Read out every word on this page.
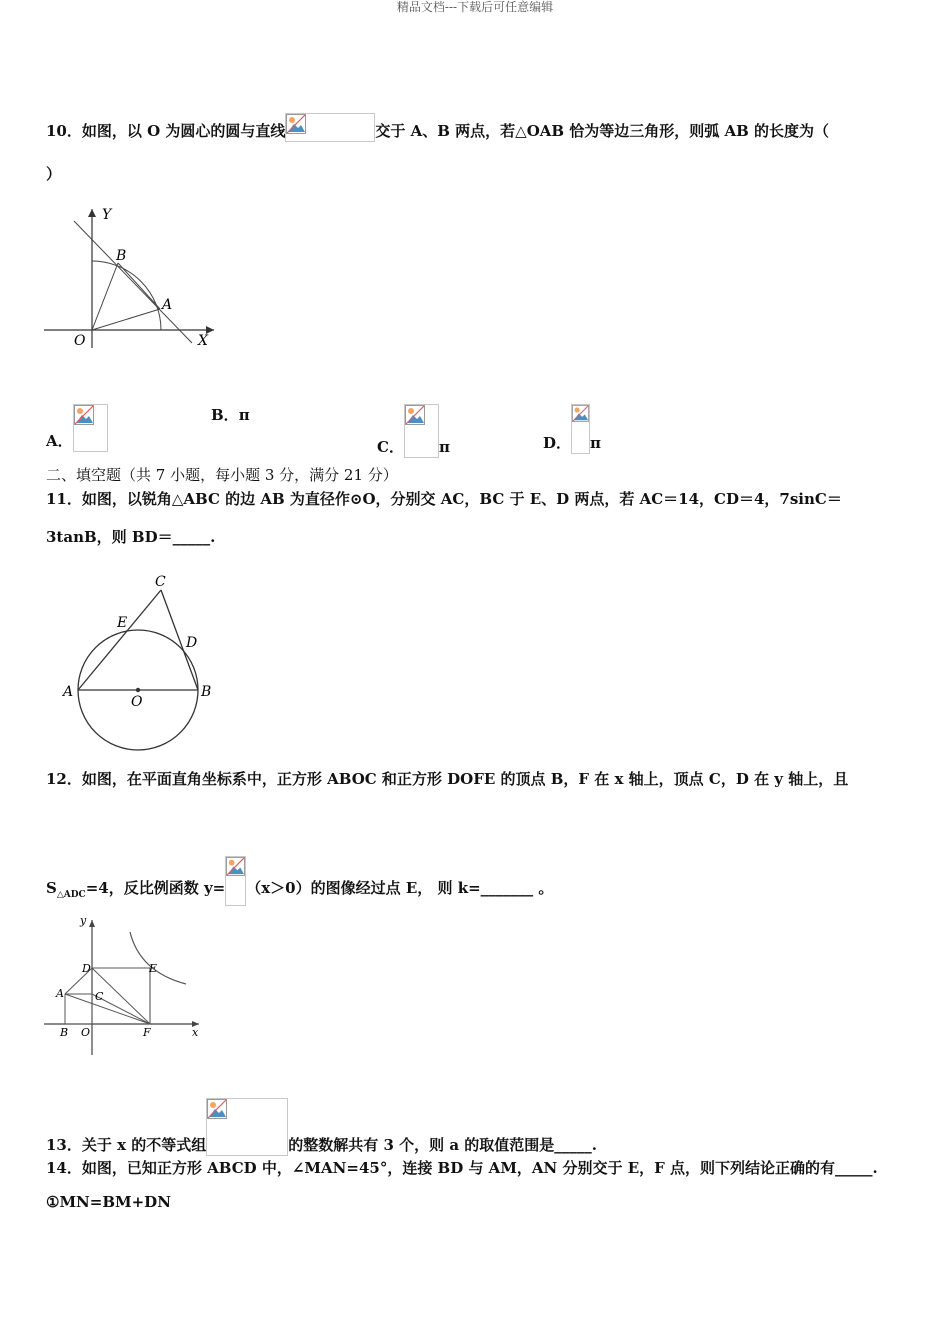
精品文档---下载后可任意编辑
10．如图，以 O 为圆心的圆与直线	交于 A、B 两点，若△OAB 恰为等边三角形，则弧 AB 的长度为（
）
Y
X
O
A
B
A．
B．π
C． π	D． π
二、填空题（共 7 小题，每小题 3 分，满分 21 分）
11．如图，以锐角△ABC 的边 AB 为直径作⊙O，分别交 AC，BC 于 E、D 两点，若 AC＝14，CD＝4，7sinC＝
3tanB，则 BD＝_____.
A	B
C
D
E
O
12．如图，在平面直角坐标系中，正方形 ABOC 和正方形 DOFE 的顶点 B，F 在 x 轴上，顶点 C，D 在 y 轴上，且
$S_{\triangle ADC}=4$，反比例函数 y= （x＞0）的图像经过点 E， 则 k=_______ 。
y
x
A
B
C
D	E
F
O
13．关于 x 的不等式组	的整数解共有 3 个，则 a 的取值范围是_____.
14．如图，已知正方形 ABCD 中，∠MAN=45°，连接 BD 与 AM，AN 分别交于 E，F 点，则下列结论正确的有_____.
①MN=BM+DN
